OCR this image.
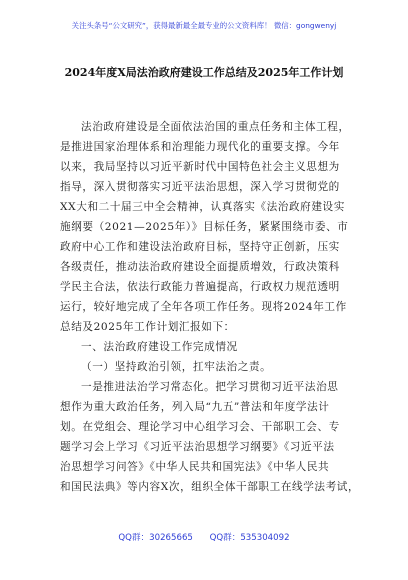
关注头条号“公文研究”，获得最新最全最专业的公文资料库！ 微信：gongwenyj
2024年度X局法治政府建设工作总结及2025年工作计划

法治政府建设是全面依法治国的重点任务和主体工程，
是推进国家治理体系和治理能力现代化的重要支撑。今年
以来，我局坚持以习近平新时代中国特色社会主义思想为
指导，深入贯彻落实习近平法治思想，深入学习贯彻党的
XX大和二十届三中全会精神，认真落实《法治政府建设实
施纲要（2021—2025年）》目标任务，紧紧围绕市委、市
政府中心工作和建设法治政府目标，坚持守正创新，压实
各级责任，推动法治政府建设全面提质增效，行政决策科
学民主合法，依法行政能力普遍提高，行政权力规范透明
运行，较好地完成了全年各项工作任务。现将2024年工作
总结及2025年工作计划汇报如下：

一、法治政府建设工作完成情况

（一）坚持政治引领，扛牢法治之责。

一是推进法治学习常态化。把学习贯彻习近平法治思
想作为重大政治任务，列入局“九五”普法和年度学法计
划。在党组会、理论学习中心组学习会、干部职工会、专
题学习会上学习《习近平法治思想学习纲要》《习近平法
治思想学习问答》《中华人民共和国宪法》《中华人民共
和国民法典》等内容X次，组织全体干部职工在线学法考试，

QQ群：30265665 QQ群：535304092
